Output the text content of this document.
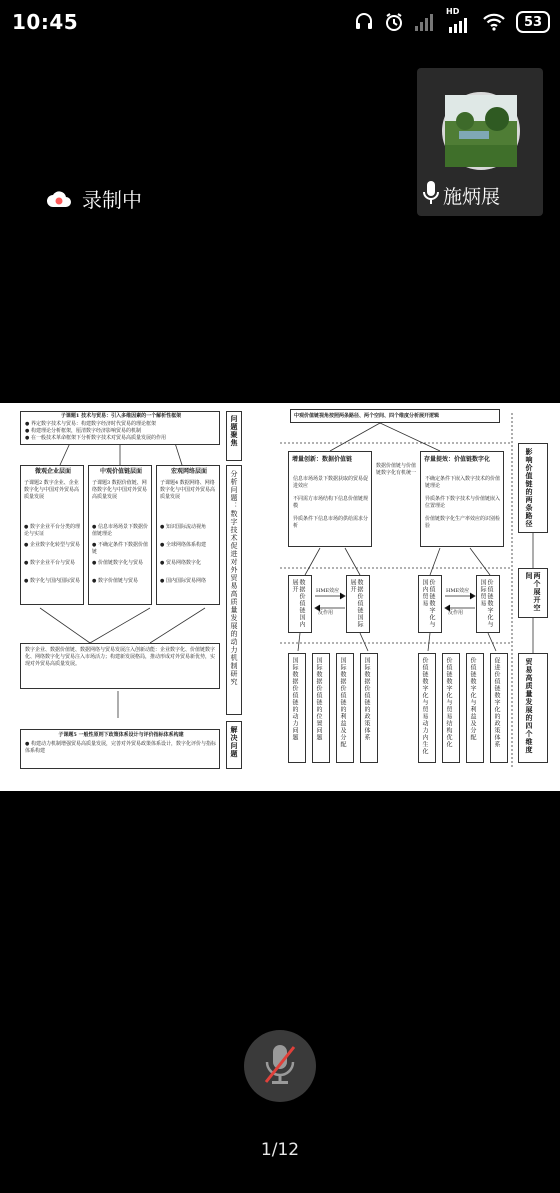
10:45	HD
53
录制中	施炳展
子课题1 技术与贸易：引入多维因素的一个解析性框架
● 界定数字技术与贸易：构建数字经济时代贸易的理论框架
● 构建理论分析框架，厘清数字经济影响贸易的机制
● 在一般技术革命框架下分析数字技术对贸易高质量发展的作用	问题聚焦
分析问题：数字技术促进对外贸易高质量发展的动力机制研究
解决问题
微观企业层面
子课题2 数字企业、企业数字化与中国对外贸易高质量发展
● 数字企业平台分类的理论与实证
● 企业数字化转型与贸易
● 数字企业平台与贸易
● 数字化与国内国际贸易
中观价值链层面
子课题3 数据价值链、网络数字化与中国对外贸易高质量发展
● 信息市场场景下数据价值链理论
● 不确定条件下数据价值链
● 价值链数字化与贸易
● 数字价值链与贸易
宏观网络层面
子课题4 数据网络、网络数字化与中国对外贸易高质量发展
● 知识国际流动视角
● 全球网络体系构建
● 贸易网络数字化
● 国内国际贸易网络
数字企业、数据价值链、数据网络与贸易发展注入创新动能：企业数字化、价值链数字化、网络数字化与贸易注入市场活力；构建新发展格局，推动形成对外贸易新优势，实现对外贸易高质量发展。
子课题5 一般性原则下政策体系设计与评价指标体系构建
● 构建动力机制增强贸易高质量发展，完善对外贸易政策体系设计，数字化评价与指标体系构建
中观价值链视角按照两条路径、两个空间、四个维度分析展开逻辑
增量创新：数据价值链
信息市场场景下数据获取的贸易促进效应
不同需方市场结构下信息价值链规模
异质条件下信息市场的供给需求分析
数据价值链与价值链数字化有机统一
存量提效：价值链数字化
不确定条件下嵌入数字技术的价值链理论
异质条件下数字技术与价值链嵌入位置理论
价值链数字化生产率效应的识别检验
数据价值链国内展开	HME效应
反作用	数据价值链国际展开	价值链数字化与国内贸易	HME效应
反作用	价值链数字化与国际贸易
国际数据价值链的动力问题	国际数据价值链的位置问题	国际数据价值链的利益及分配	国际数据价值链的政策体系	价值链数字化与贸易动力内生化	价值链数字化与贸易结构优化	价值链数字化与利益及分配	促进价值链数字化的政策体系
影响价值链的两条路径
两个展开空间
贸易高质量发展的四个维度
1/12
